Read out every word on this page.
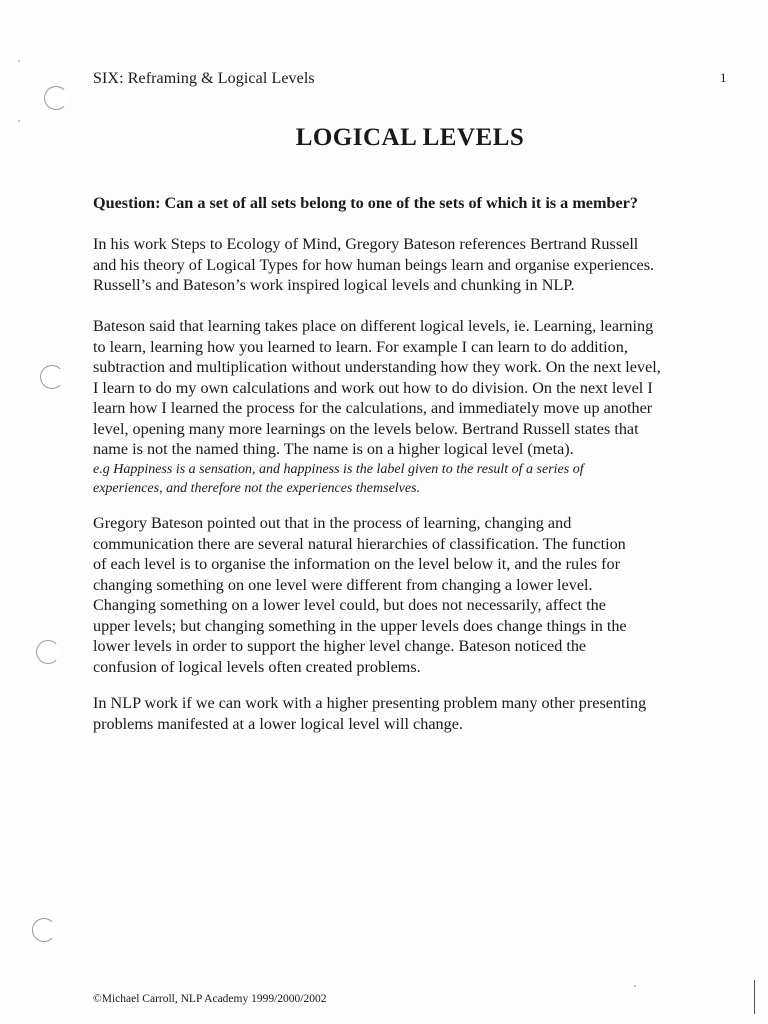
SIX: Reframing & Logical Levels	1
LOGICAL LEVELS
Question: Can a set of all sets belong to one of the sets of which it is a member?
In his work Steps to Ecology of Mind, Gregory Bateson references Bertrand Russell
and his theory of Logical Types for how human beings learn and organise experiences.
Russell’s and Bateson’s work inspired logical levels and chunking in NLP.
Bateson said that learning takes place on different logical levels, ie. Learning, learning
to learn, learning how you learned to learn. For example I can learn to do addition,
subtraction and multiplication without understanding how they work. On the next level,
I learn to do my own calculations and work out how to do division. On the next level I
learn how I learned the process for the calculations, and immediately move up another
level, opening many more learnings on the levels below. Bertrand Russell states that
name is not the named thing. The name is on a higher logical level (meta).
e.g Happiness is a sensation, and happiness is the label given to the result of a series of
experiences, and therefore not the experiences themselves.
Gregory Bateson pointed out that in the process of learning, changing and
communication there are several natural hierarchies of classification. The function
of each level is to organise the information on the level below it, and the rules for
changing something on one level were different from changing a lower level.
Changing something on a lower level could, but does not necessarily, affect the
upper levels; but changing something in the upper levels does change things in the
lower levels in order to support the higher level change. Bateson noticed the
confusion of logical levels often created problems.
In NLP work if we can work with a higher presenting problem many other presenting
problems manifested at a lower logical level will change.
©Michael Carroll, NLP Academy 1999/2000/2002
